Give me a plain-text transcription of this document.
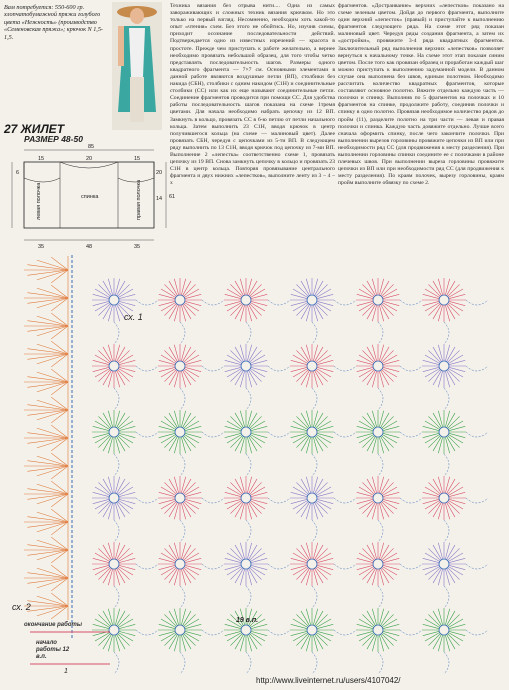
Вам потребуется: 550-600 гр. хлопчатобумажной пряжи голубого цвета «Нежность» (производство «Семеновская пряжа»; крючок N 1,5-1,5.
27 ЖИЛЕТ
РАЗМЕР 48-50
85
15	20	15
6	20
14 61
35	48	35
спинка
левая полочка	правая полочка
Техника вязания без отрыва нити.... Одна из самых завораживающих и сложных техник вязания крючком. Но это только на первый взгляд. Несомненно, необходим хоть какой-то опыт «чтения» схем. Без этого не обойтись. Но, изучив схемы, приходит осознание последовательности действий. Подтверждается одно из известных изречений — красота в простоте. Прежде чем приступать к работе желательно, а вернее необходимо провязать небольшой образец, для того чтобы четко представлять последовательность шагов. Размеры одного квадратного фрагмента — 7×7 см. Основными элементами в данной работе являются воздушные петли (ВП), столбики без накида (СБН), столбики с одним накидом (С1Н) и соединительные столбики (СС) или как их еще называют соединительные петли. Соединение фрагментов проводится при помощи СС. Для удобства работы последовательность шагов показана на схеме 1тремя цветами. Для начала необходимо набрать цепочку из 12 ВП. Замкнуть в кольцо, провязать СС в 6-ю петлю от петли начального кольца. Затем выполнить 23 С1Н, вводя крючок в центр получившегося кольца (на схеме — малиновый цвет). Далее провязать СБН, чередуя с цепочками из 5-ти ВП. В следующем ряду выполнить по 13 С1Н, вводя крючок под цепочку из 7-ми ВП. Выполнение 2 «лепестка» соответственно схеме 1, провязать цепочку из 19 ВП. Снова замкнуть цепочку в кольцо и провязать 23 С1Н в центр кольца. Повторяя провязывание центрального фрагмента и двух нижних «лепестков», выполните ленту из 3 – 4 – х
фрагментов. «Достраивание» верхних «лепестков» показано на схеме зеленым цветом. Дойдя до первого фрагмента, выполните один верхний «лепесток» (правый) и приступайте к выполнению фрагментов следующего ряда. На схеме этот ряд показан малиновый цвет. Чередуя ряды создания фрагмента, а затем их «достройки», провяжите 3-4 ряда квадратных фрагментов. Заключительный ряд выполнения верхних «лепестков» позволяет вернуться к начальному точке. На схеме этот этап показан синим цветом. После того как провязан образец и проработан каждый шаг можно приступать к выполнению задуманной модели. В данном случае она выполнена без швов, единым полотном. Необходимо рассчитать количество квадратных фрагментов, которые составляют основное полотно. Вяжите отдельно каждую часть — полочки и спинку. Выполнив по 5 фрагментов на полочках и 10 фрагментов на спинке, продолжите работу, соединив полочки и спинку в одно полотно. Провязав необходимое количество рядов до пройм (11), разделите полотно на три части — левая и правая полочки и спинка. Каждую часть довяжите отдельно. Лучше всего сначала оформить спинку, после чего закончите полочки. При выполнении вырезов горловины провяжите цепочки из ВП или при необходимости ряд СС (для продвижения к месту разделения). При выполнении горловины спинки соедините ее с полочками в районе плечевых швов. При выполнении выреза горловины провяжите цепочки из ВП или при необходимости ряд СС (для продвижения к месту разделения). По краям полочек, вырезу горловины, краям пройм выполните обвязку по схеме 2.
сх. 1
сх. 2
окончание работы
начало работы 12 в.п.
19 в.п.
1
http://www.liveinternet.ru/users/4107042/
